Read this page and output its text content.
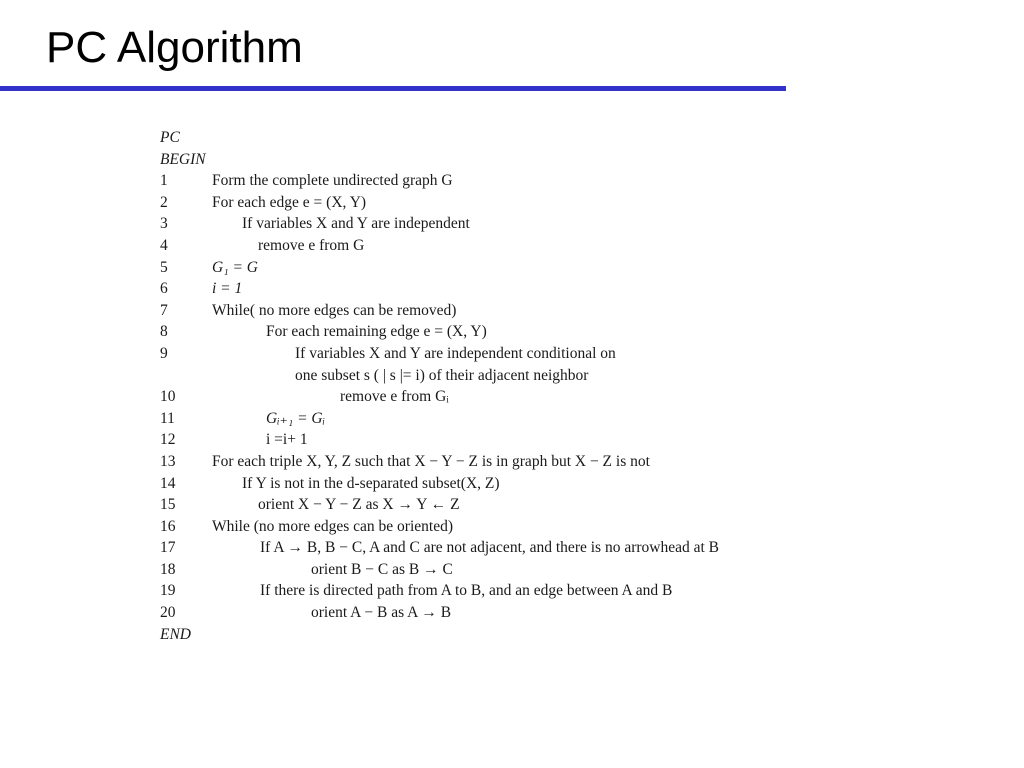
PC Algorithm
PC
BEGIN
1	Form the complete undirected graph G
2	For each edge e = (X, Y)
3	If variables X and Y are independent
4	remove e from G
5	G₁ = G
6	i = 1
7	While( no more edges can be removed)
8	For each remaining edge e = (X, Y)
9	If variables X and Y are independent conditional on
one subset s ( | s |= i) of their adjacent neighbor
10	remove e from Gᵢ
11	Gᵢ₊₁ = Gᵢ
12	i =i+ 1
13 For each triple X, Y, Z such that X − Y − Z is in graph but X − Z is not
14	If Y is not in the d-separated subset(X, Z)
15	orient X − Y − Z as X → Y ← Z
16 While (no more edges can be oriented)
17	If A → B, B − C, A and C are not adjacent, and there is no arrowhead at B
18	orient B − C as B → C
19	If there is directed path from A to B, and an edge between A and B
20	orient A − B as A → B
END
